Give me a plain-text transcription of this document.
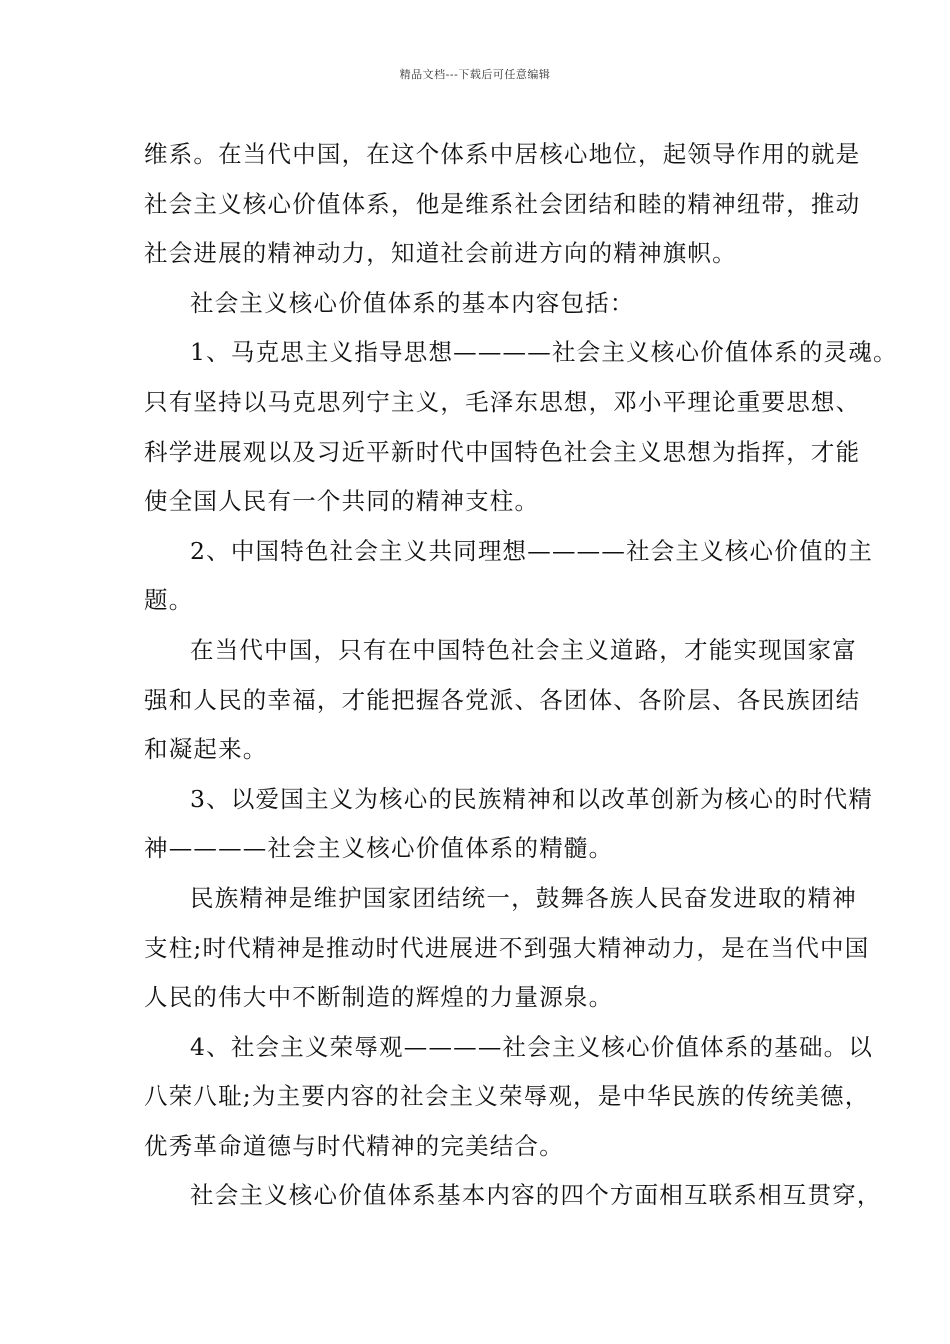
精品文档---下载后可任意编辑
维系。在当代中国，在这个体系中居核心地位，起领导作用的就是
社会主义核心价值体系，他是维系社会团结和睦的精神纽带，推动
社会进展的精神动力，知道社会前进方向的精神旗帜。
社会主义核心价值体系的基本内容包括：
1、马克思主义指导思想————社会主义核心价值体系的灵魂。
只有坚持以马克思列宁主义，毛泽东思想，邓小平理论重要思想、
科学进展观以及习近平新时代中国特色社会主义思想为指挥，才能
使全国人民有一个共同的精神支柱。
2、中国特色社会主义共同理想————社会主义核心价值的主
题。
在当代中国，只有在中国特色社会主义道路，才能实现国家富
强和人民的幸福，才能把握各党派、各团体、各阶层、各民族团结
和凝起来。
3、以爱国主义为核心的民族精神和以改革创新为核心的时代精
神————社会主义核心价值体系的精髓。
民族精神是维护国家团结统一，鼓舞各族人民奋发进取的精神
支柱;时代精神是推动时代进展进不到强大精神动力，是在当代中国
人民的伟大中不断制造的辉煌的力量源泉。
4、社会主义荣辱观————社会主义核心价值体系的基础。以
八荣八耻;为主要内容的社会主义荣辱观，是中华民族的传统美德，
优秀革命道德与时代精神的完美结合。
社会主义核心价值体系基本内容的四个方面相互联系相互贯穿，
